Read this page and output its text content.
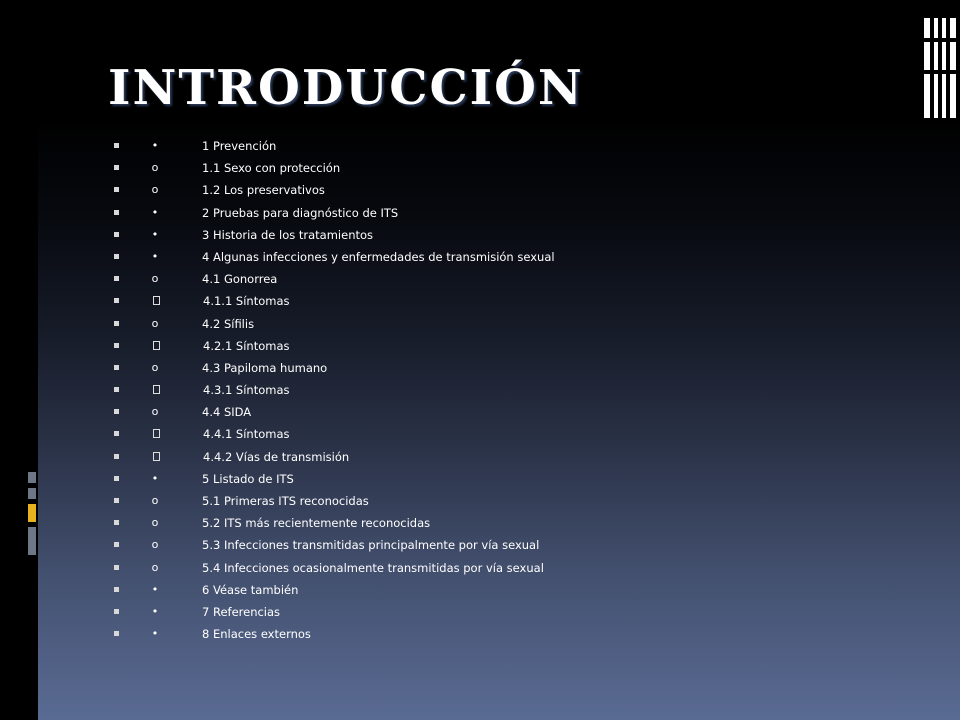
INTRODUCCIÓN
•	1 Prevención
o	1.1 Sexo con protección
o	1.2 Los preservativos
•	2 Pruebas para diagnóstico de ITS
•	3 Historia de los tratamientos
•	4 Algunas infecciones y enfermedades de transmisión sexual
o	4.1 Gonorrea
4.1.1 Síntomas
o	4.2 Sífilis
4.2.1 Síntomas
o	4.3 Papiloma humano
4.3.1 Síntomas
o	4.4 SIDA
4.4.1 Síntomas
4.4.2 Vías de transmisión
•	5 Listado de ITS
o	5.1 Primeras ITS reconocidas
o	5.2 ITS más recientemente reconocidas
o	5.3 Infecciones transmitidas principalmente por vía sexual
o	5.4 Infecciones ocasionalmente transmitidas por vía sexual
•	6 Véase también
•	7 Referencias
•	8 Enlaces externos
